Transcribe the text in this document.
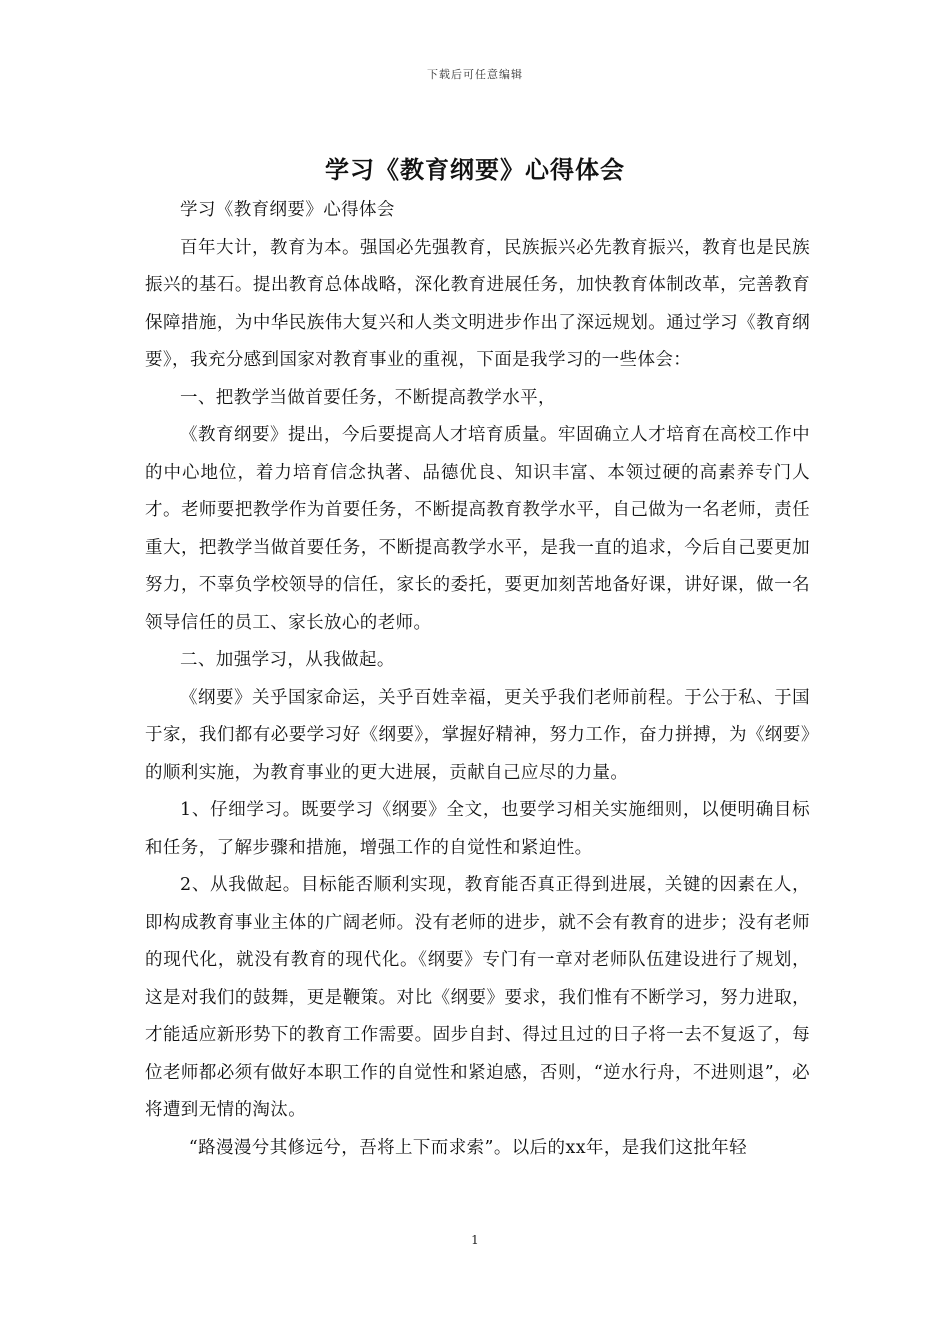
下载后可任意编辑
学习《教育纲要》心得体会

学习《教育纲要》心得体会

百年大计，教育为本。强国必先强教育，民族振兴必先教育振兴，教育也是民族振兴的基石。提出教育总体战略，深化教育进展任务，加快教育体制改革，完善教育保障措施，为中华民族伟大复兴和人类文明进步作出了深远规划。通过学习《教育纲要》，我充分感到国家对教育事业的重视，下面是我学习的一些体会：

一、把教学当做首要任务，不断提高教学水平，

《教育纲要》提出，今后要提高人才培育质量。牢固确立人才培育在高校工作中的中心地位，着力培育信念执著、品德优良、知识丰富、本领过硬的高素养专门人才。老师要把教学作为首要任务，不断提高教育教学水平，自己做为一名老师，责任重大，把教学当做首要任务，不断提高教学水平，是我一直的追求，今后自己要更加努力，不辜负学校领导的信任，家长的委托，要更加刻苦地备好课，讲好课，做一名领导信任的员工、家长放心的老师。

二、加强学习，从我做起。

《纲要》关乎国家命运，关乎百姓幸福，更关乎我们老师前程。于公于私、于国于家，我们都有必要学习好《纲要》，掌握好精神，努力工作，奋力拼搏，为《纲要》的顺利实施，为教育事业的更大进展，贡献自己应尽的力量。

1、仔细学习。既要学习《纲要》全文，也要学习相关实施细则，以便明确目标和任务，了解步骤和措施，增强工作的自觉性和紧迫性。

2、从我做起。目标能否顺利实现，教育能否真正得到进展，关键的因素在人，即构成教育事业主体的广阔老师。没有老师的进步，就不会有教育的进步；没有老师的现代化，就没有教育的现代化。《纲要》专门有一章对老师队伍建设进行了规划，这是对我们的鼓舞，更是鞭策。对比《纲要》要求，我们惟有不断学习，努力进取，才能适应新形势下的教育工作需要。固步自封、得过且过的日子将一去不复返了，每位老师都必须有做好本职工作的自觉性和紧迫感，否则，“逆水行舟，不进则退”，必将遭到无情的淘汰。

“路漫漫兮其修远兮，吾将上下而求索”。以后的xx年，是我们这批年轻

1
